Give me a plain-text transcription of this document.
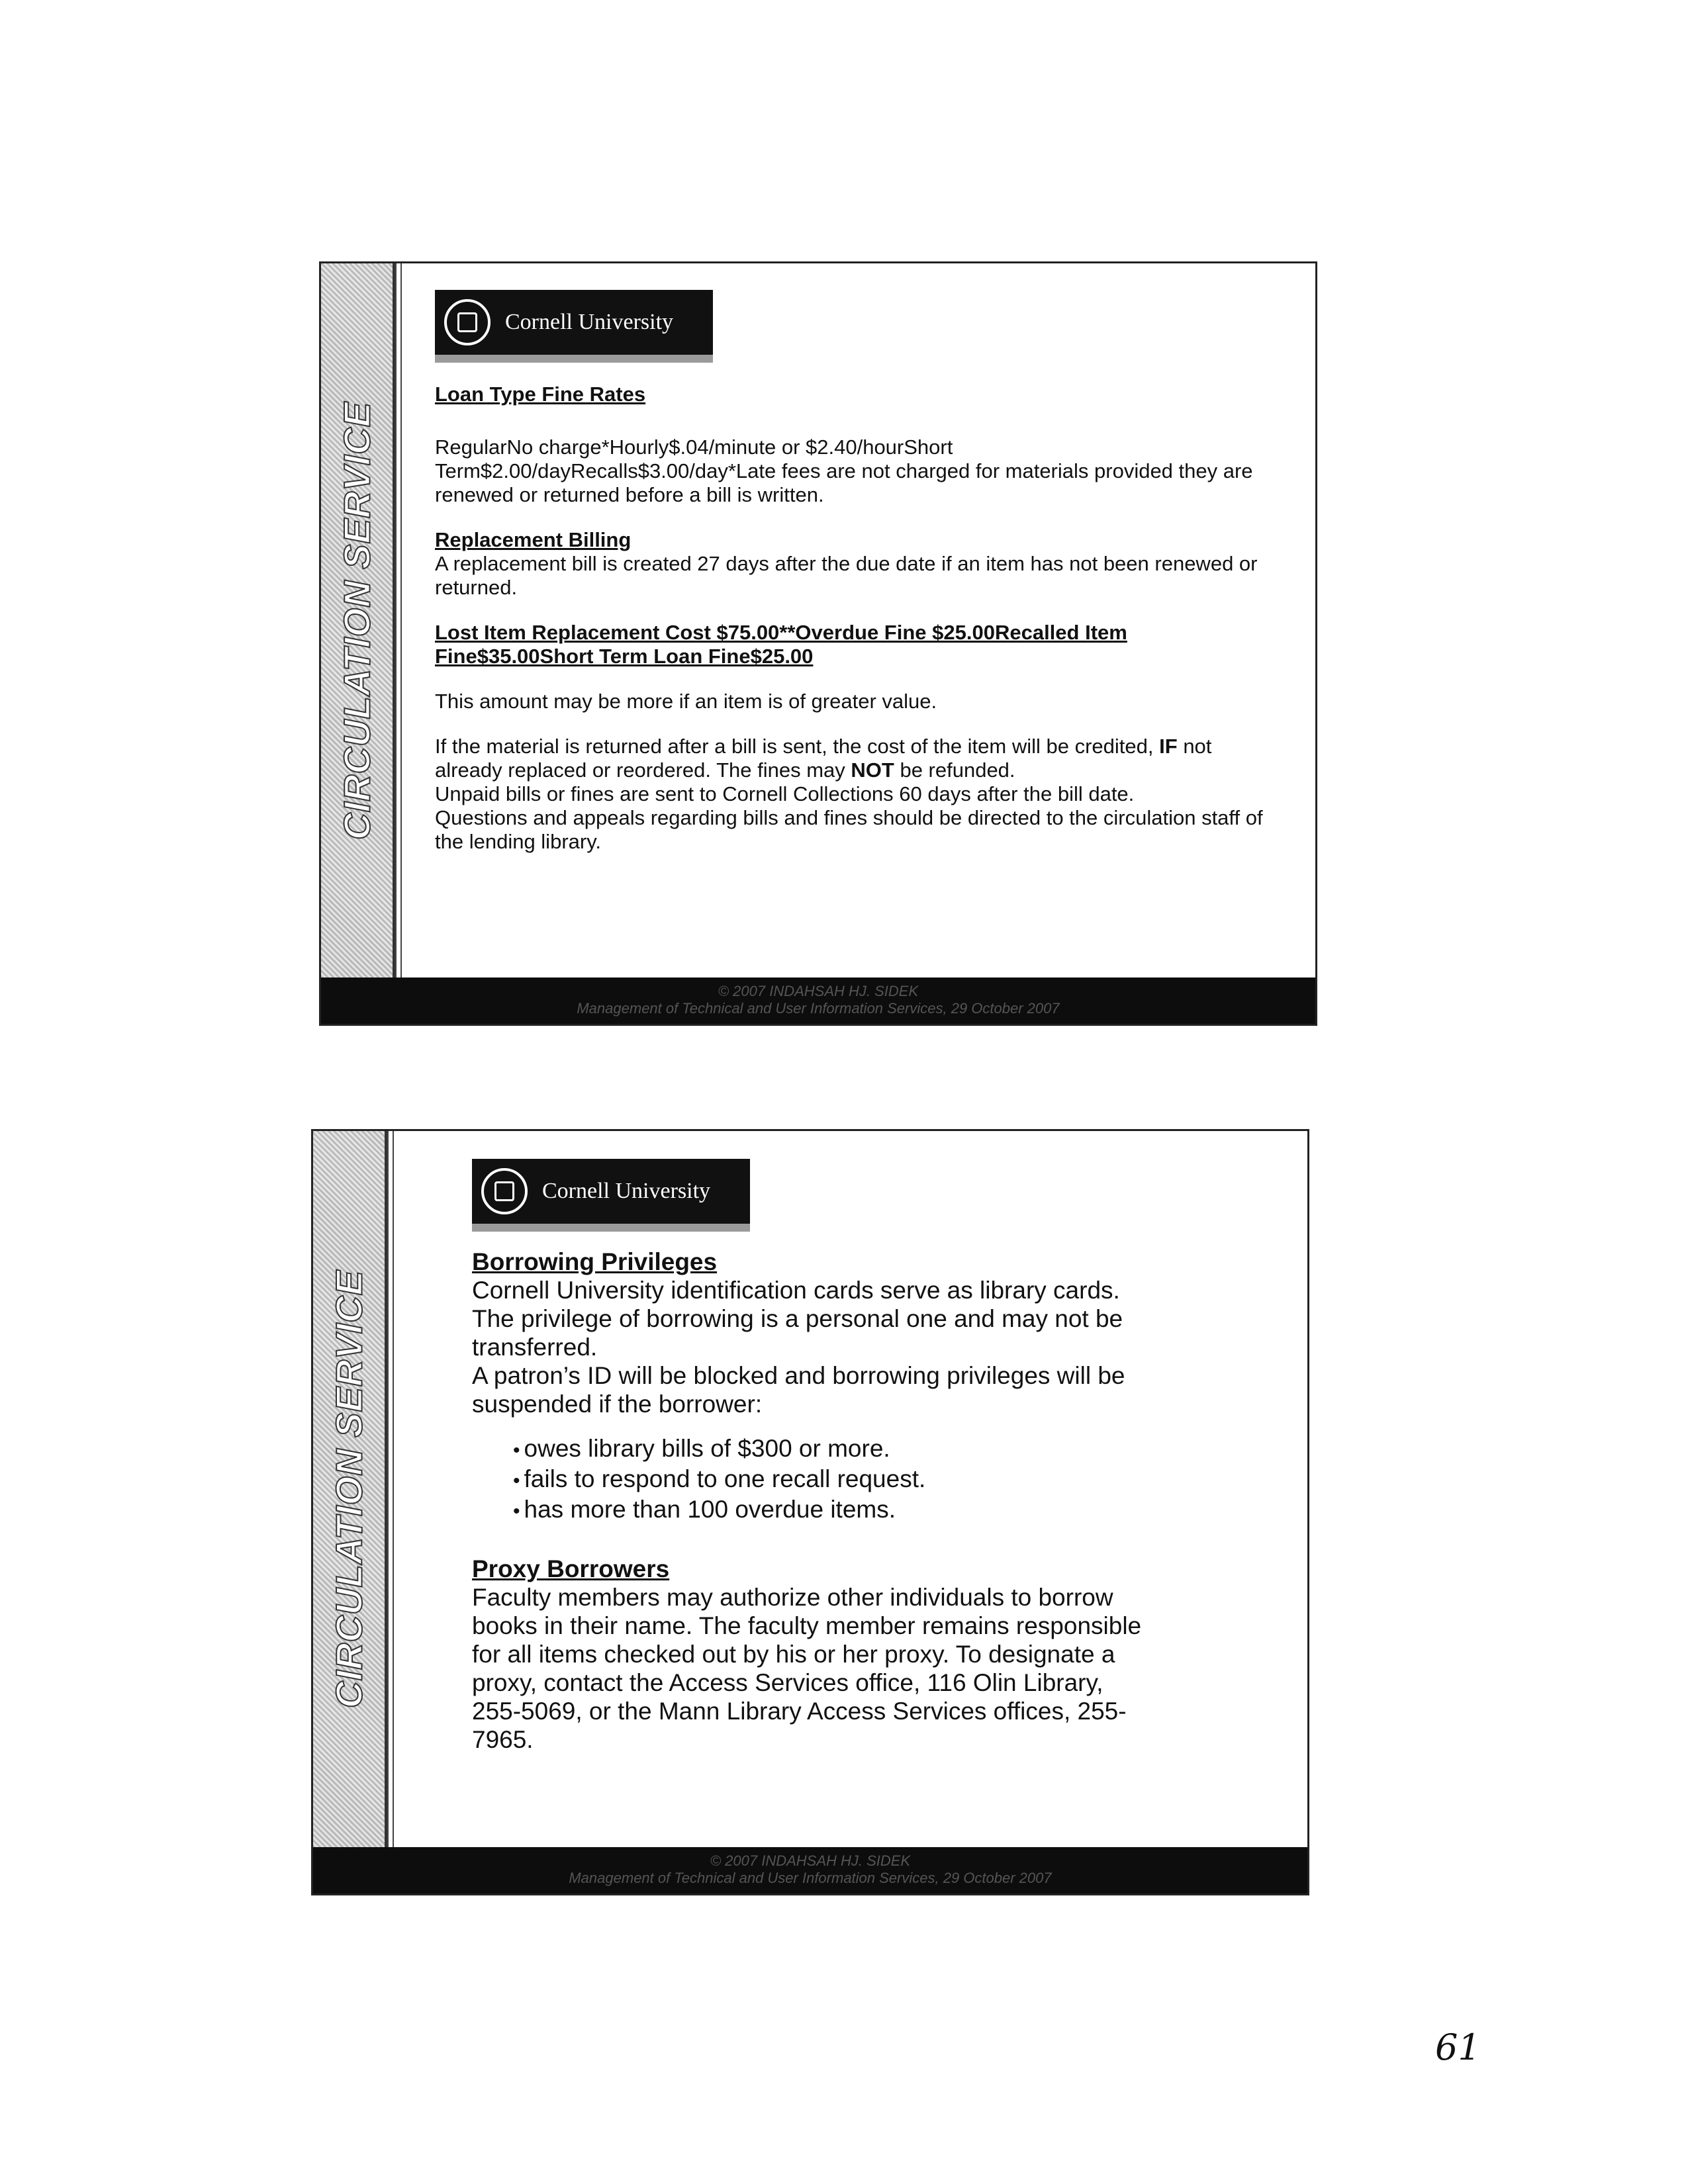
CIRCULATION SERVICE
Cornell University

Loan Type Fine Rates

RegularNo charge*Hourly$.04/minute or $2.40/hourShort Term$2.00/dayRecalls$3.00/day*Late fees are not charged for materials provided they are renewed or returned before a bill is written.

Replacement Billing

A replacement bill is created 27 days after the due date if an item has not been renewed or returned.

Lost Item Replacement Cost $75.00**Overdue Fine $25.00Recalled Item Fine$35.00Short Term Loan Fine$25.00

This amount may be more if an item is of greater value.

If the material is returned after a bill is sent, the cost of the item will be credited, IF not already replaced or reordered. The fines may NOT be refunded.

Unpaid bills or fines are sent to Cornell Collections 60 days after the bill date.

Questions and appeals regarding bills and fines should be directed to the circulation staff of the lending library.

© 2007 INDAHSAH HJ. SIDEK
Management of Technical and User Information Services, 29 October 2007
CIRCULATION SERVICE
Cornell University

Borrowing Privileges

Cornell University identification cards serve as library cards. The privilege of borrowing is a personal one and may not be transferred.

A patron’s ID will be blocked and borrowing privileges will be suspended if the borrower:

• owes library bills of $300 or more.
• fails to respond to one recall request.
• has more than 100 overdue items.

Proxy Borrowers

Faculty members may authorize other individuals to borrow books in their name. The faculty member remains responsible for all items checked out by his or her proxy. To designate a proxy, contact the Access Services office, 116 Olin Library, 255-5069, or the Mann Library Access Services offices, 255-7965.

© 2007 INDAHSAH HJ. SIDEK
Management of Technical and User Information Services, 29 October 2007
61
